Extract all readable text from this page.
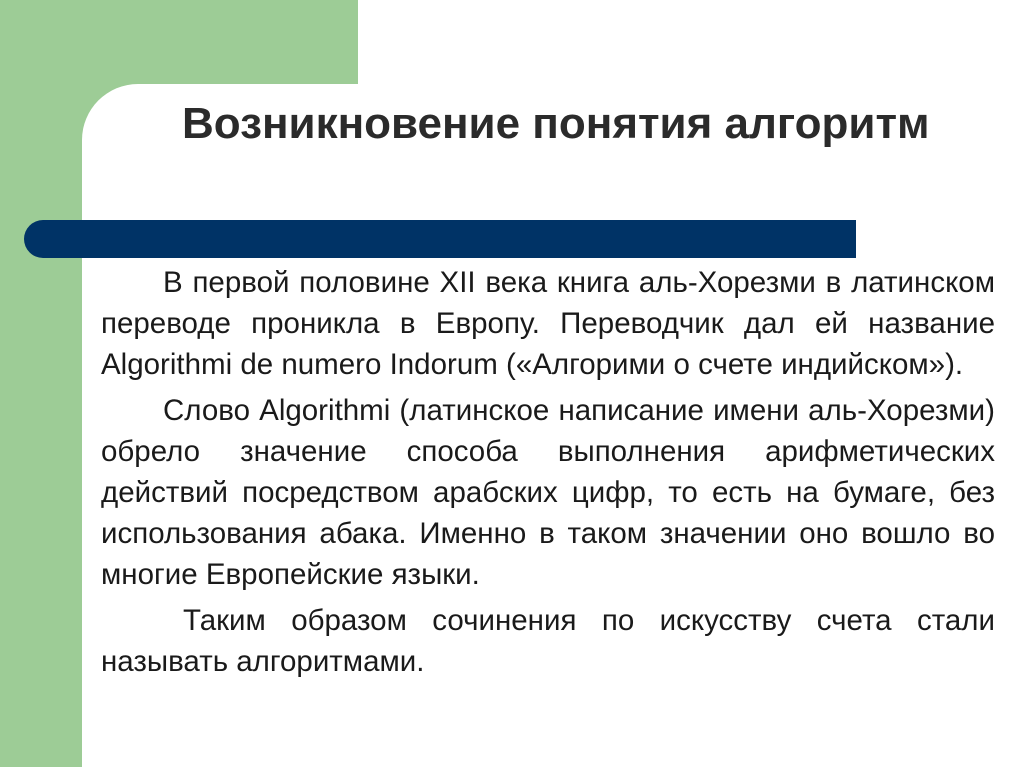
Возникновение понятия алгоритм

В первой половине XII века книга аль-Хорезми в латинском переводе проникла в Европу. Переводчик дал ей название Algorithmi de numero Indorum («Алгорими о счете индийском»).

Слово Algorithmi (латинское написание имени аль-Хорезми) обрело значение способа выполнения арифметических действий посредством арабских цифр, то есть на бумаге, без использования абака. Именно в таком значении оно вошло во многие Европейские языки.

Таким образом сочинения по искусству счета стали называть алгоритмами.
